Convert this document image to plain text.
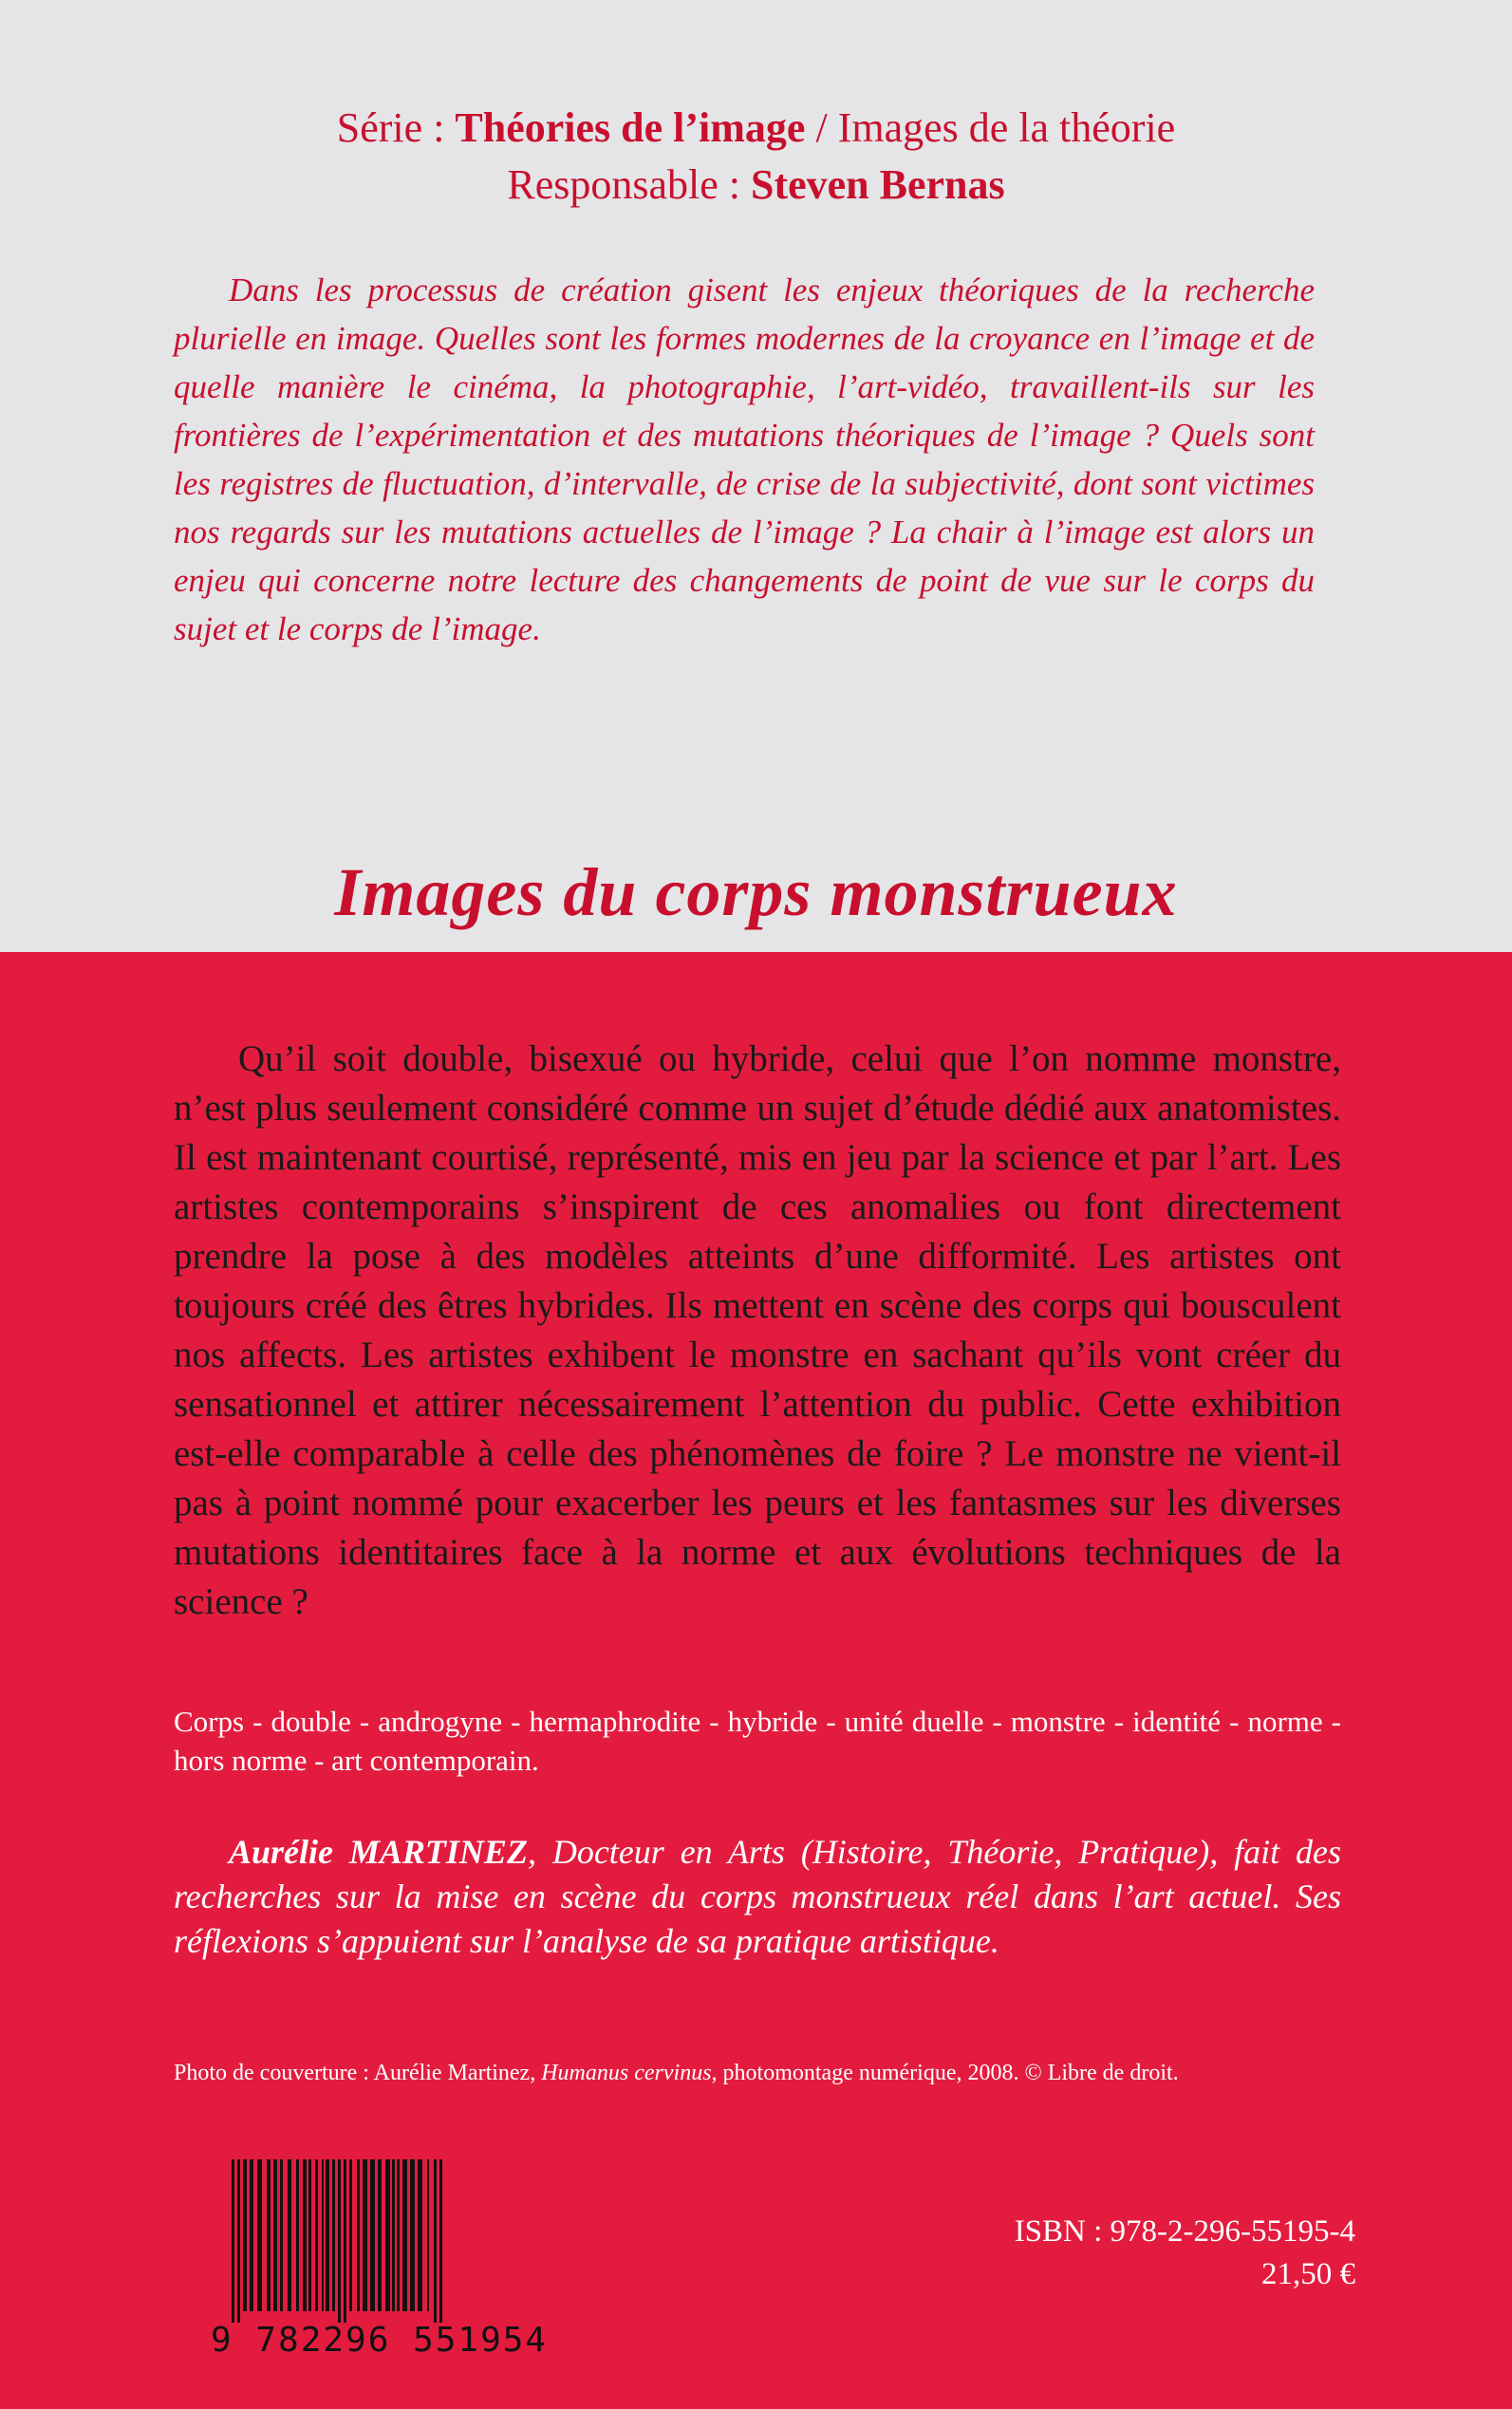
Série : Théories de l’image / Images de la théorie
Responsable : Steven Bernas

Dans les processus de création gisent les enjeux théoriques de la recherche plurielle en image. Quelles sont les formes modernes de la croyance en l’image et de quelle manière le cinéma, la photographie, l’art-vidéo, travaillent-ils sur les frontières de l’expérimentation et des mutations théoriques de l’image ? Quels sont les registres de fluctuation, d’intervalle, de crise de la subjectivité, dont sont victimes nos regards sur les mutations actuelles de l’image ? La chair à l’image est alors un enjeu qui concerne notre lecture des changements de point de vue sur le corps du sujet et le corps de l’image.

Images du corps monstrueux

Qu’il soit double, bisexué ou hybride, celui que l’on nomme monstre, n’est plus seulement considéré comme un sujet d’étude dédié aux anatomistes. Il est maintenant courtisé, représenté, mis en jeu par la science et par l’art. Les artistes contemporains s’inspirent de ces anomalies ou font directement prendre la pose à des modèles atteints d’une difformité. Les artistes ont toujours créé des êtres hybrides. Ils mettent en scène des corps qui bousculent nos affects. Les artistes exhibent le monstre en sachant qu’ils vont créer du sensationnel et attirer nécessairement l’attention du public. Cette exhibition est-elle comparable à celle des phénomènes de foire ? Le monstre ne vient-il pas à point nommé pour exacerber les peurs et les fantasmes sur les diverses mutations identitaires face à la norme et aux évolutions techniques de la science ?

Corps - double - androgyne - hermaphrodite - hybride - unité duelle - monstre - identité - norme - hors norme - art contemporain.

Aurélie MARTINEZ, Docteur en Arts (Histoire, Théorie, Pratique), fait des recherches sur la mise en scène du corps monstrueux réel dans l’art actuel. Ses réflexions s’appuient sur l’analyse de sa pratique artistique.

Photo de couverture : Aurélie Martinez, Humanus cervinus, photomontage numérique, 2008. © Libre de droit.

9 782296 551954
ISBN : 978-2-296-55195-4
21,50 €
